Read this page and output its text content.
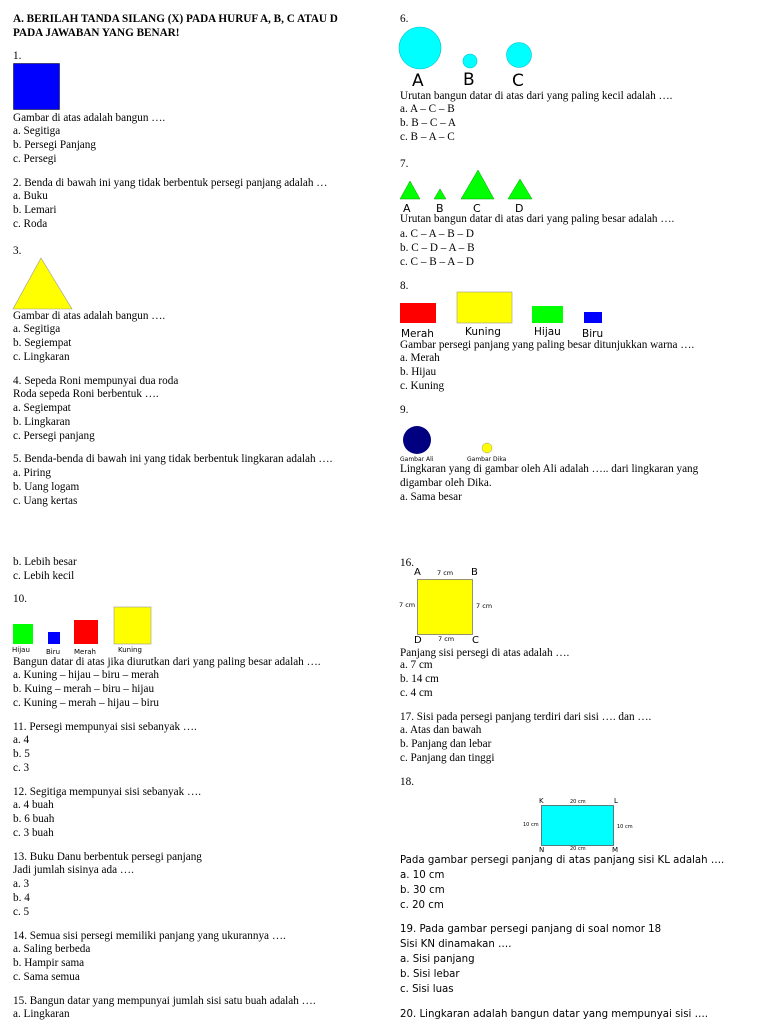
A. BERILAH TANDA SILANG (X) PADA HURUF A, B, C ATAU D
PADA JAWABAN YANG BENAR!
1.
Gambar di atas adalah bangun ….
a. Segitiga
b. Persegi Panjang
c. Persegi
2. Benda di bawah ini yang tidak berbentuk persegi panjang adalah …
a. Buku
b. Lemari
c. Roda
3.
Gambar di atas adalah bangun ….
a. Segitiga
b. Segiempat
c. Lingkaran
4. Sepeda Roni mempunyai dua roda
Roda sepeda Roni berbentuk ….
a. Segiempat
b. Lingkaran
c. Persegi panjang
5. Benda-benda di bawah ini yang tidak berbentuk lingkaran adalah ….
a. Piring
b. Uang logam
c. Uang kertas
b. Lebih besar
c. Lebih kecil
10.
Hijau Biru Merah	Kuning
Bangun datar di atas jika diurutkan dari yang paling besar adalah ….
a. Kuning – hijau – biru – merah
b. Kuing – merah – biru – hijau
c. Kuning – merah – hijau – biru
11. Persegi mempunyai sisi sebanyak ….
a. 4
b. 5
c. 3
12. Segitiga mempunyai sisi sebanyak ….
a. 4 buah
b. 6 buah
c. 3 buah
13. Buku Danu berbentuk persegi panjang
Jadi jumlah sisinya ada ….
a. 3
b. 4
c. 5
14. Semua sisi persegi memiliki panjang yang ukurannya ….
a. Saling berbeda
b. Hampir sama
c. Sama semua
15. Bangun datar yang mempunyai jumlah sisi satu buah adalah ….
a. Lingkaran
6.
A B C
Urutan bangun datar di atas dari yang paling kecil adalah ….
a. A – C – B
b. B – C – A
c. B – A – C
7.
A B	C	D
Urutan bangun datar di atas dari yang paling besar adalah ….
a. C – A – B – D
b. C – D – A – B
c. C – B – A – D
8.
Merah	Kuning	Hijau Biru
Gambar persegi panjang yang paling besar ditunjukkan warna ….
a. Merah
b. Hijau
c. Kuning
9.
Gambar Ali	Gambar Dika
Lingkaran yang di gambar oleh Ali adalah ….. dari lingkaran yang
digambar oleh Dika.
a. Sama besar
16.
A	B
7 cm
7 cm	7 cm
D	7 cm C
Panjang sisi persegi di atas adalah ….
a. 7 cm
b. 14 cm
c. 4 cm
17. Sisi pada persegi panjang terdiri dari sisi …. dan ….
a. Atas dan bawah
b. Panjang dan lebar
c. Panjang dan tinggi
18.
K	20 cm	L
10 cm	10 cm
N	20 cm	M
Pada gambar persegi panjang di atas panjang sisi KL adalah ….
a. 10 cm
b. 30 cm
c. 20 cm
19. Pada gambar persegi panjang di soal nomor 18
Sisi KN dinamakan ….
a. Sisi panjang
b. Sisi lebar
c. Sisi luas
20. Lingkaran adalah bangun datar yang mempunyai sisi ….
